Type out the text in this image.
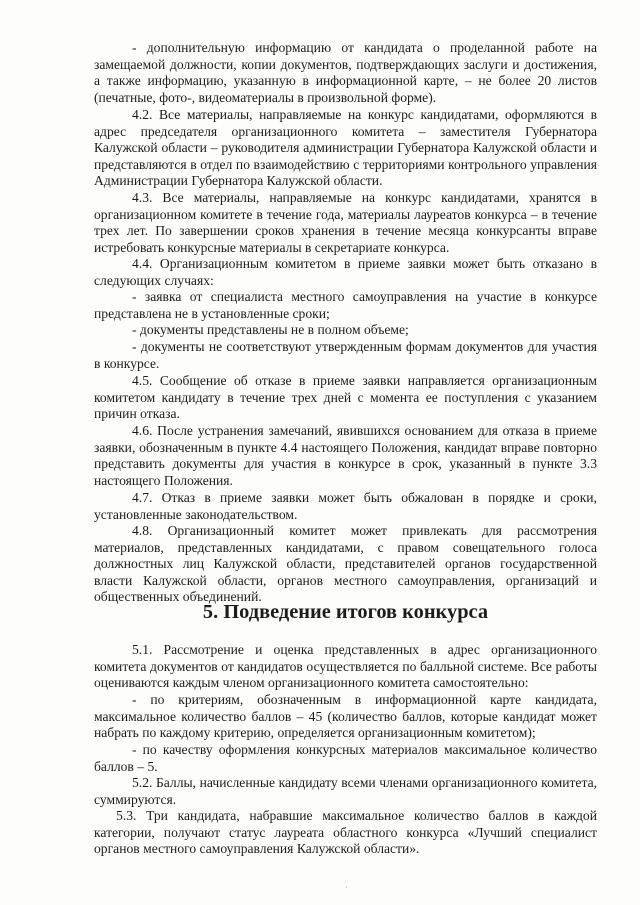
- дополнительную информацию от кандидата о проделанной работе на замещаемой должности, копии документов, подтверждающих заслуги и достижения, а также информацию, указанную в информационной карте, – не более 20 листов (печатные, фото-, видеоматериалы в произвольной форме).

4.2. Все материалы, направляемые на конкурс кандидатами, оформляются в адрес председателя организационного комитета – заместителя Губернатора Калужской области – руководителя администрации Губернатора Калужской области и представляются в отдел по взаимодействию с территориями контрольного управления Администрации Губернатора Калужской области.

4.3. Все материалы, направляемые на конкурс кандидатами, хранятся в организационном комитете в течение года, материалы лауреатов конкурса – в течение трех лет. По завершении сроков хранения в течение месяца конкурсанты вправе истребовать конкурсные материалы в секретариате конкурса.

4.4. Организационным комитетом в приеме заявки может быть отказано в следующих случаях:

- заявка от специалиста местного самоуправления на участие в конкурсе представлена не в установленные сроки;

- документы представлены не в полном объеме;

- документы не соответствуют утвержденным формам документов для участия в конкурсе.

4.5. Сообщение об отказе в приеме заявки направляется организационным комитетом кандидату в течение трех дней с момента ее поступления с указанием причин отказа.

4.6. После устранения замечаний, явившихся основанием для отказа в приеме заявки, обозначенным в пункте 4.4 настоящего Положения, кандидат вправе повторно представить документы для участия в конкурсе в срок, указанный в пункте 3.3 настоящего Положения.

4.7. Отказ в приеме заявки может быть обжалован в порядке и сроки, установленные законодательством.

4.8. Организационный комитет может привлекать для рассмотрения материалов, представленных кандидатами, с правом совещательного голоса должностных лиц Калужской области, представителей органов государственной власти Калужской области, органов местного самоуправления, организаций и общественных объединений.

5. Подведение итогов конкурса

5.1. Рассмотрение и оценка представленных в адрес организационного комитета документов от кандидатов осуществляется по балльной системе. Все работы оцениваются каждым членом организационного комитета самостоятельно:

- по критериям, обозначенным в информационной карте кандидата, максимальное количество баллов – 45 (количество баллов, которые кандидат может набрать по каждому критерию, определяется организационным комитетом);

- по качеству оформления конкурсных материалов максимальное количество баллов – 5.

5.2. Баллы, начисленные кандидату всеми членами организационного комитета, суммируются.

5.3. Три кандидата, набравшие максимальное количество баллов в каждой категории, получают статус лауреата областного конкурса «Лучший специалист органов местного самоуправления Калужской области».

·
